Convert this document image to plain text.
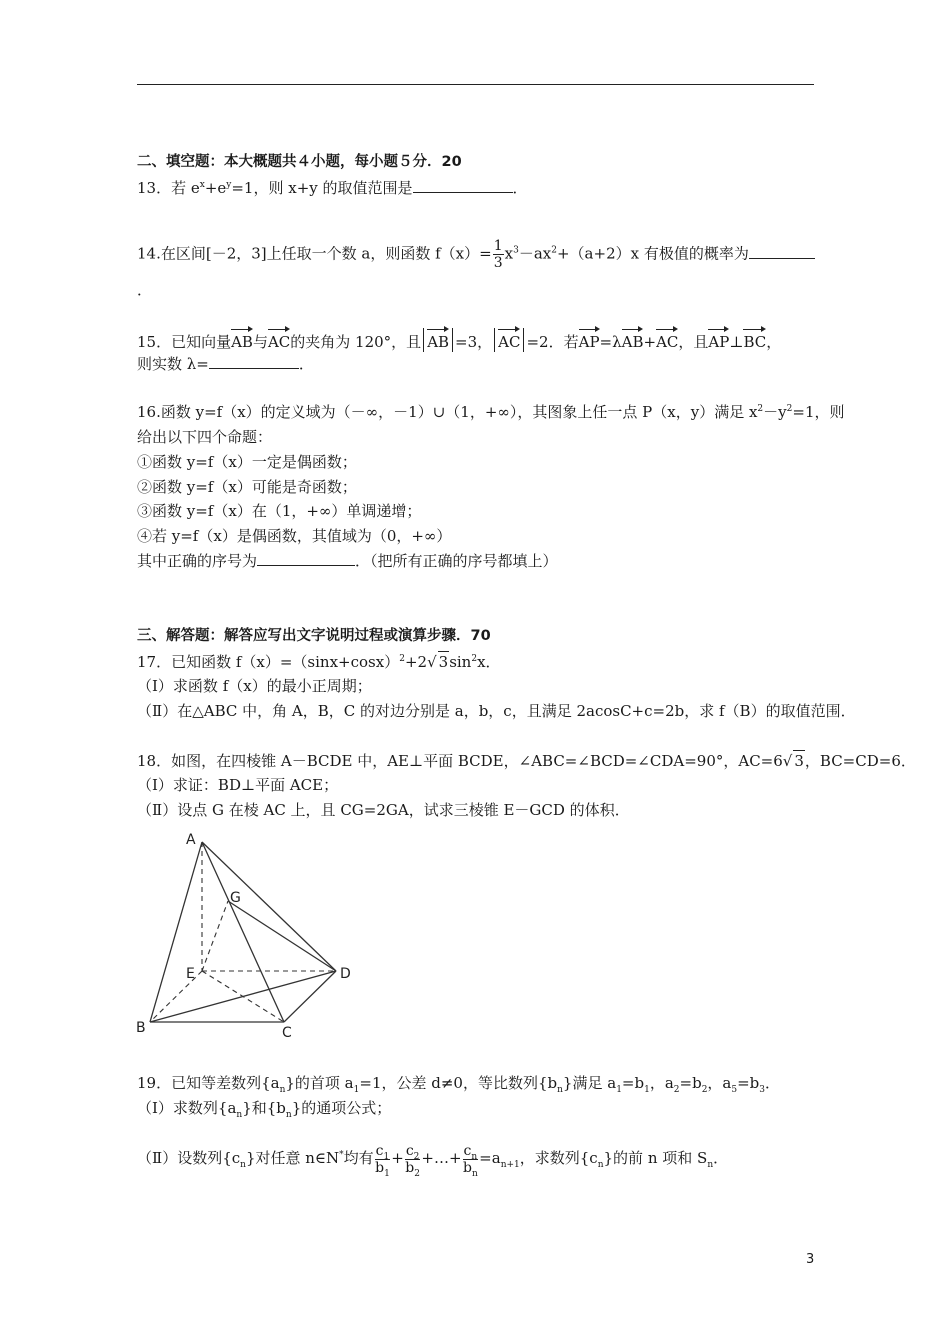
二、填空题：本大概题共４小题，每小题５分．20
13．若 $e^x+e^y=1$，则 x+y 的取值范围是	．
14.在区间[－2，3]上任取一个数 a，则函数 $f(x)= \frac{1}{3} x^3-ax^2+(a+2)x$ 有极值的概率为
．
15．已知向量AB与AC的夹角为 120°，且 AB =3， AC =2．若AP=λAB+AC，且AP⊥BC，
则实数 λ=	．
16.函数 y=f（x）的定义域为（－∞，－1）∪（1，+∞），其图象上任一点 P（x，y）满足 $x^2-y^2=1$，则
给出以下四个命题：
①函数 y=f（x）一定是偶函数；
②函数 y=f（x）可能是奇函数；
③函数 y=f（x）在（1，+∞）单调递增；
④若 y=f（x）是偶函数，其值域为（0，+∞）
其中正确的序号为	．（把所有正确的序号都填上）
三、解答题：解答应写出文字说明过程或演算步骤．70
17．已知函数 $f(x)=(\sin x+\cos x)^2+2√$ $3\sin^2x$．
（Ⅰ）求函数 f（x）的最小正周期；
（Ⅱ）在△ABC 中，角 A，B，C 的对边分别是 a，b，c，且满足 2acosC+c=2b，求 f（B）的取值范围．
18．如图，在四棱锥 A－BCDE 中，AE⊥平面 BCDE，∠ABC=∠BCD=∠CDA=90°，AC=6√ 3，BC=CD=6．
（Ⅰ）求证：BD⊥平面 ACE；
（Ⅱ）设点 G 在棱 AC 上，且 CG=2GA，试求三棱锥 E－GCD 的体积．
A
G
E	D
B	C
19．已知等差数列$\{a_n\}$的首项 $a_1=1$，公差 d≠0，等比数列$\{b_n\}$满足 $a_1=b_1$，$a_2=b_2$，$a_5=b_3$．
（Ⅰ）求数列$\{a_n\}$和$\{b_n\}$的通项公式；
（Ⅱ）设数列$\{c_n\}$对任意 n∈N*均有 $\frac{c_1}{b_1} + \frac{c_2}{b_2}$ +…+ $\frac{c_n}{b_n} =a_{n+1}$，求数列$\{c_n\}$的前 n 项和 $S_n$．
3
